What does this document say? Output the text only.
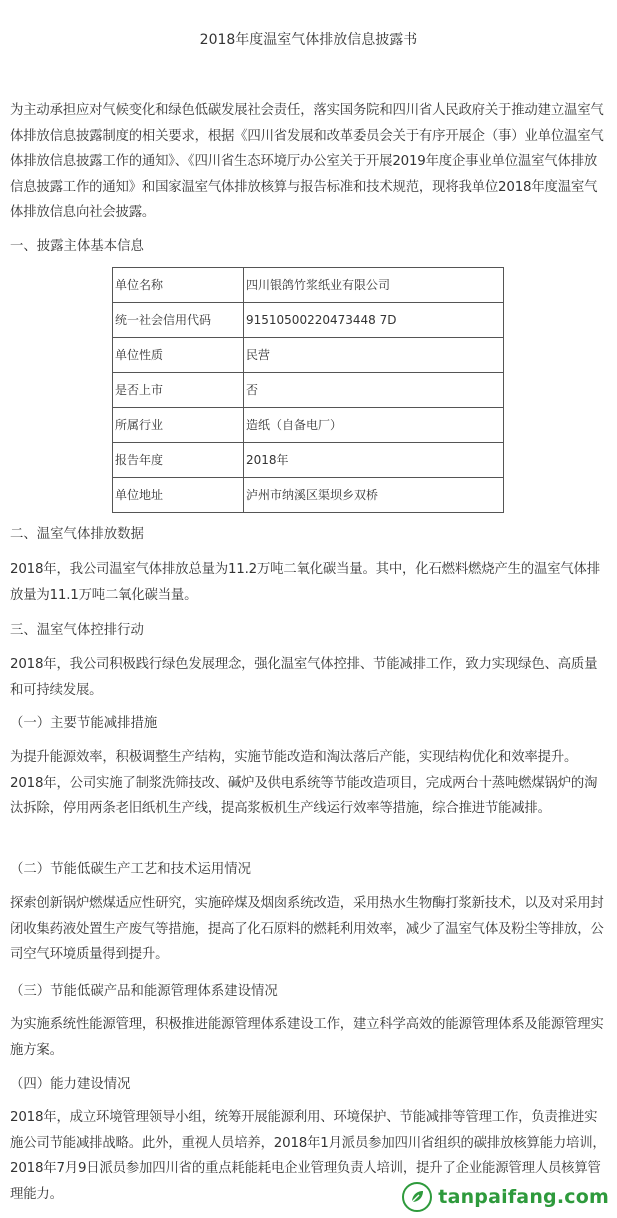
2018年度温室气体排放信息披露书

为主动承担应对气候变化和绿色低碳发展社会责任，落实国务院和四川省人民政府关于推动建立温室气体排放信息披露制度的相关要求，根据《四川省发展和改革委员会关于有序开展企（事）业单位温室气体排放信息披露工作的通知》、《四川省生态环境厅办公室关于开展2019年度企事业单位温室气体排放信息披露工作的通知》和国家温室气体排放核算与报告标准和技术规范，现将我单位2018年度温室气体排放信息向社会披露。

一、披露主体基本信息

单位名称	四川银鸽竹浆纸业有限公司
统一社会信用代码	91510500220473448 7D
单位性质	民营
是否上市	否
所属行业	造纸（自备电厂）
报告年度	2018年
单位地址	泸州市纳溪区渠坝乡双桥

二、温室气体排放数据

2018年，我公司温室气体排放总量为11.2万吨二氧化碳当量。其中，化石燃料燃烧产生的温室气体排放量为11.1万吨二氧化碳当量。

三、温室气体控排行动

2018年，我公司积极践行绿色发展理念，强化温室气体控排、节能减排工作，致力实现绿色、高质量和可持续发展。

（一）主要节能减排措施

为提升能源效率，积极调整生产结构，实施节能改造和淘汰落后产能，实现结构优化和效率提升。2018年，公司实施了制浆洗筛技改、碱炉及供电系统等节能改造项目，完成两台十蒸吨燃煤锅炉的淘汰拆除，停用两条老旧纸机生产线，提高浆板机生产线运行效率等措施，综合推进节能减排。

（二）节能低碳生产工艺和技术运用情况

探索创新锅炉燃煤适应性研究，实施碎煤及烟囱系统改造，采用热水生物酶打浆新技术，以及对采用封闭收集药液处置生产废气等措施，提高了化石原料的燃耗利用效率，减少了温室气体及粉尘等排放，公司空气环境质量得到提升。

（三）节能低碳产品和能源管理体系建设情况

为实施系统性能源管理，积极推进能源管理体系建设工作，建立科学高效的能源管理体系及能源管理实施方案。

（四）能力建设情况

2018年，成立环境管理领导小组，统筹开展能源利用、环境保护、节能减排等管理工作，负责推进实施公司节能减排战略。此外，重视人员培养，2018年1月派员参加四川省组织的碳排放核算能力培训，2018年7月9日派员参加四川省的重点耗能耗电企业管理负责人培训，提升了企业能源管理人员核算管理能力。	tanpaifang.com
